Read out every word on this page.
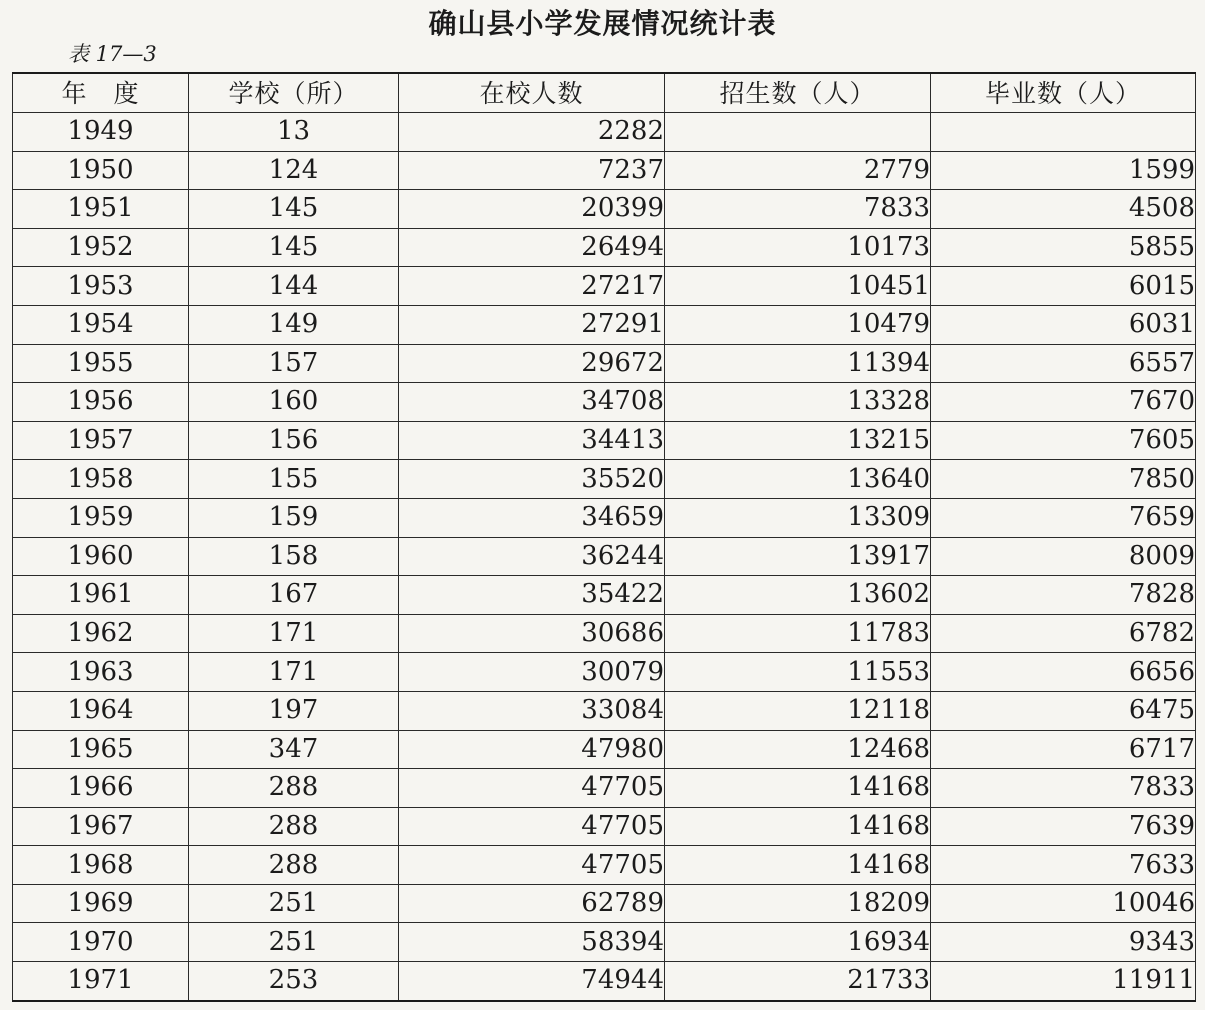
确山县小学发展情况统计表
表 17—3
年　度	学校（所）	在校人数	招生数（人）	毕业数（人）
1949	13	2282		
1950	124	7237	2779	1599
1951	145	20399	7833	4508
1952	145	26494	10173	5855
1953	144	27217	10451	6015
1954	149	27291	10479	6031
1955	157	29672	11394	6557
1956	160	34708	13328	7670
1957	156	34413	13215	7605
1958	155	35520	13640	7850
1959	159	34659	13309	7659
1960	158	36244	13917	8009
1961	167	35422	13602	7828
1962	171	30686	11783	6782
1963	171	30079	11553	6656
1964	197	33084	12118	6475
1965	347	47980	12468	6717
1966	288	47705	14168	7833
1967	288	47705	14168	7639
1968	288	47705	14168	7633
1969	251	62789	18209	10046
1970	251	58394	16934	9343
1971	253	74944	21733	11911
